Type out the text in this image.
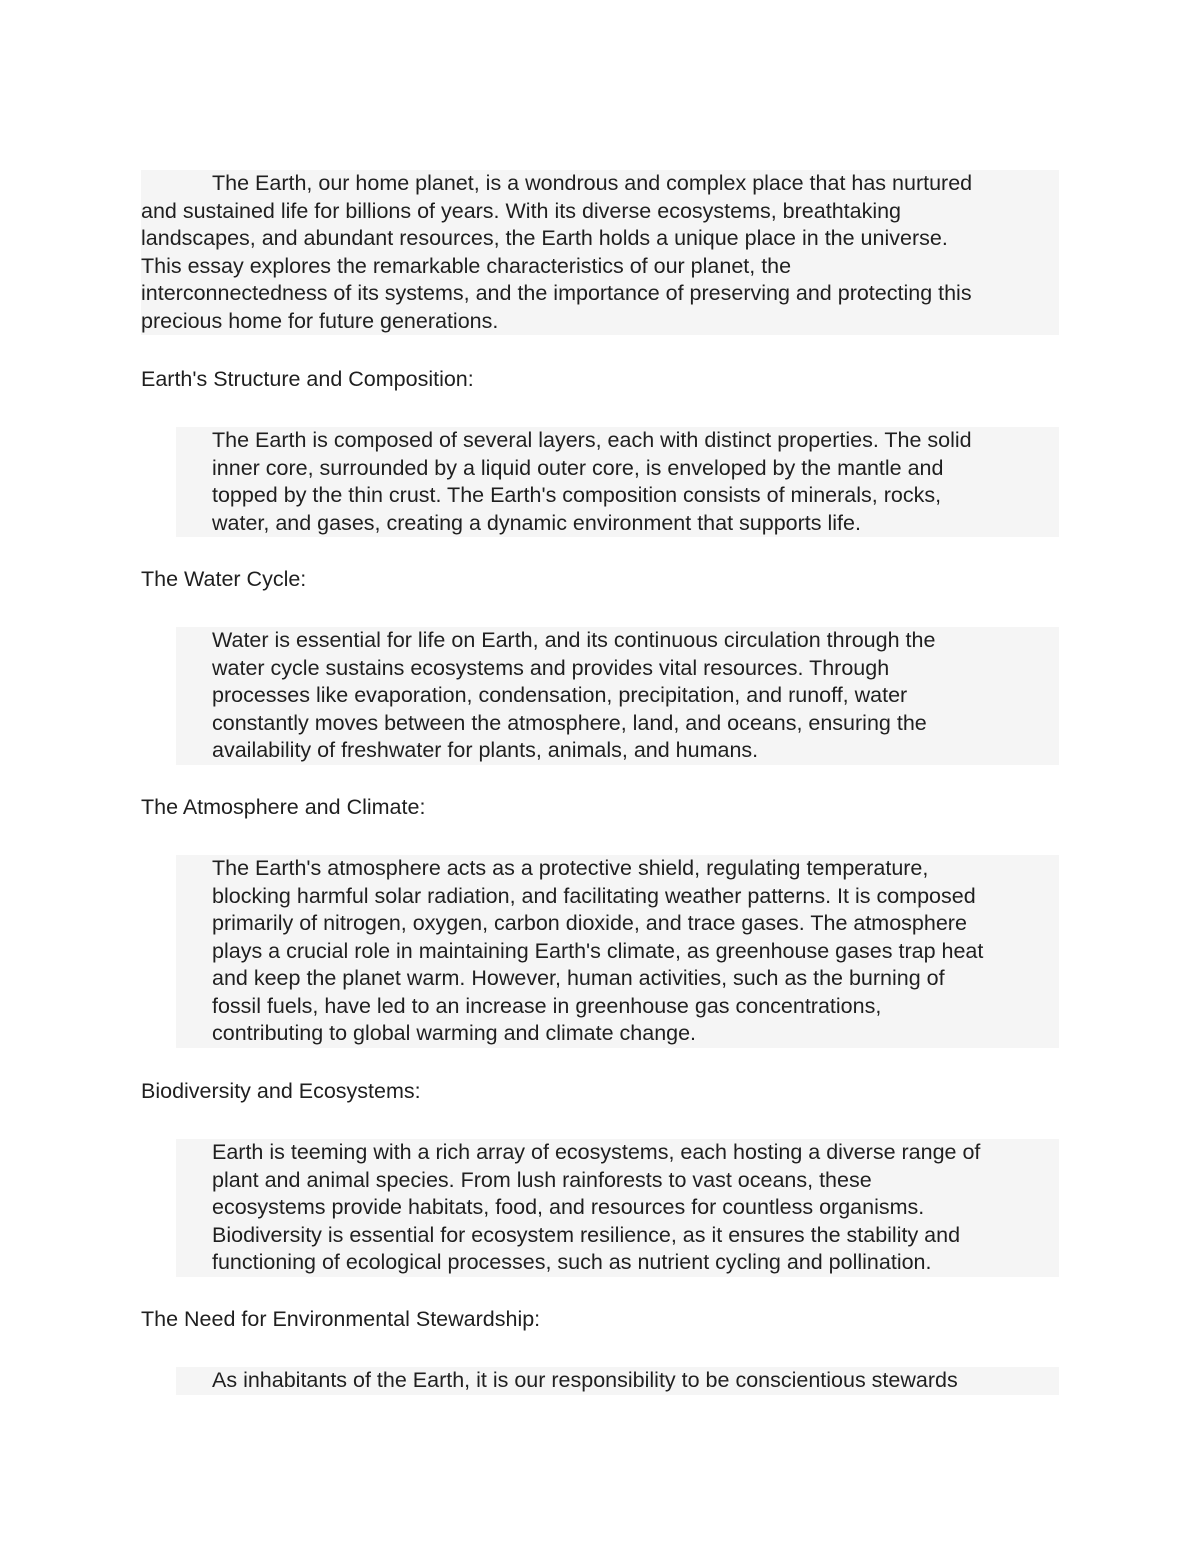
The Earth, our home planet, is a wondrous and complex place that has nurtured
and sustained life for billions of years. With its diverse ecosystems, breathtaking
landscapes, and abundant resources, the Earth holds a unique place in the universe.
This essay explores the remarkable characteristics of our planet, the
interconnectedness of its systems, and the importance of preserving and protecting this
precious home for future generations.
Earth's Structure and Composition:
The Earth is composed of several layers, each with distinct properties. The solid
inner core, surrounded by a liquid outer core, is enveloped by the mantle and
topped by the thin crust. The Earth's composition consists of minerals, rocks,
water, and gases, creating a dynamic environment that supports life.
The Water Cycle:
Water is essential for life on Earth, and its continuous circulation through the
water cycle sustains ecosystems and provides vital resources. Through
processes like evaporation, condensation, precipitation, and runoff, water
constantly moves between the atmosphere, land, and oceans, ensuring the
availability of freshwater for plants, animals, and humans.
The Atmosphere and Climate:
The Earth's atmosphere acts as a protective shield, regulating temperature,
blocking harmful solar radiation, and facilitating weather patterns. It is composed
primarily of nitrogen, oxygen, carbon dioxide, and trace gases. The atmosphere
plays a crucial role in maintaining Earth's climate, as greenhouse gases trap heat
and keep the planet warm. However, human activities, such as the burning of
fossil fuels, have led to an increase in greenhouse gas concentrations,
contributing to global warming and climate change.
Biodiversity and Ecosystems:
Earth is teeming with a rich array of ecosystems, each hosting a diverse range of
plant and animal species. From lush rainforests to vast oceans, these
ecosystems provide habitats, food, and resources for countless organisms.
Biodiversity is essential for ecosystem resilience, as it ensures the stability and
functioning of ecological processes, such as nutrient cycling and pollination.
The Need for Environmental Stewardship:
As inhabitants of the Earth, it is our responsibility to be conscientious stewards
